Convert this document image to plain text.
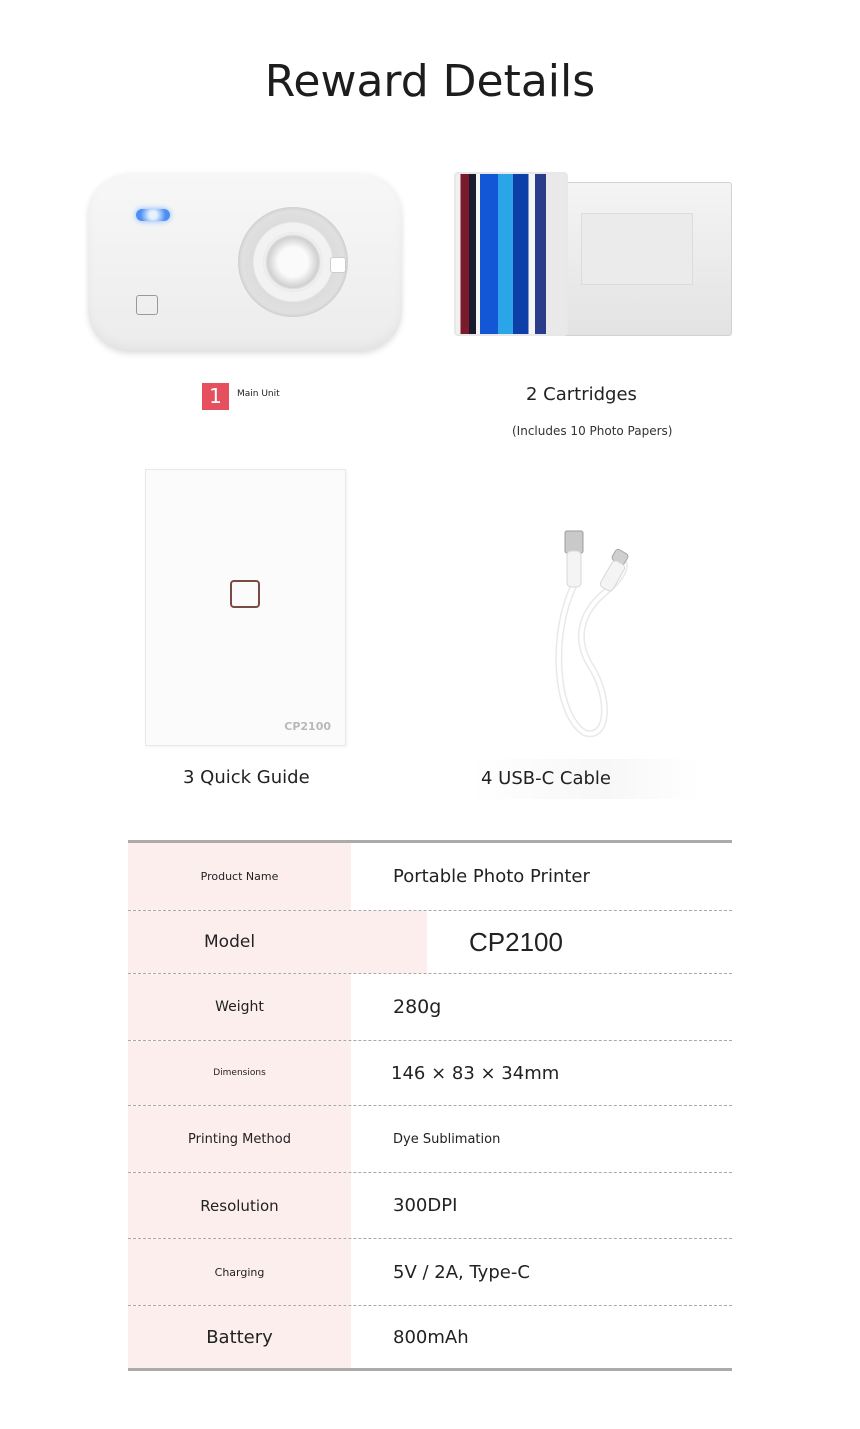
Reward Details
CP2100
1 Main Unit	2 Cartridges
(Includes 10 Photo Papers)
3 Quick Guide	4 USB-C Cable
Product Name	Portable Photo Printer
Model	CP2100
Weight	280g
Dimensions	146 × 83 × 34mm
Printing Method	Dye Sublimation
Resolution	300DPI
Charging	5V / 2A, Type-C
Battery	800mAh
